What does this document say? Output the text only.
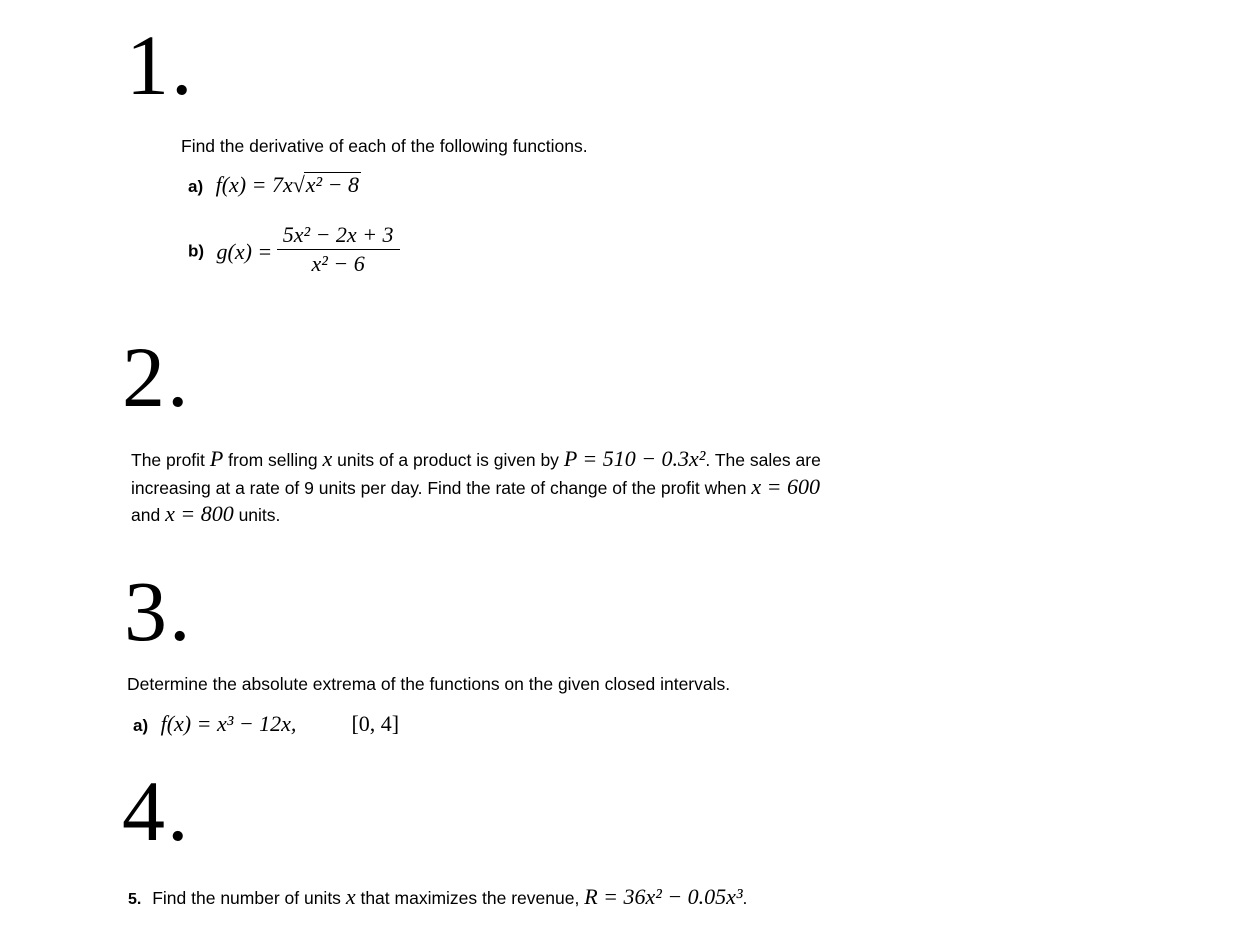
1.
Find the derivative of each of the following functions.
a) f(x) = 7x√x² − 8
b) $g(x) = \frac{\text{5x² − 2x + 3}}{\text{x² − 6}}$
2.
The profit P from selling x units of a product is given by P = 510 − 0.3x². The sales are
increasing at a rate of 9 units per day. Find the rate of change of the profit when x = 600
and x = 800 units.
3.
Determine the absolute extrema of the functions on the given closed intervals.
a) f(x) = x³ − 12x,	[0, 4]
4.
5. Find the number of units x that maximizes the revenue, R = 36x² − 0.05x³.
